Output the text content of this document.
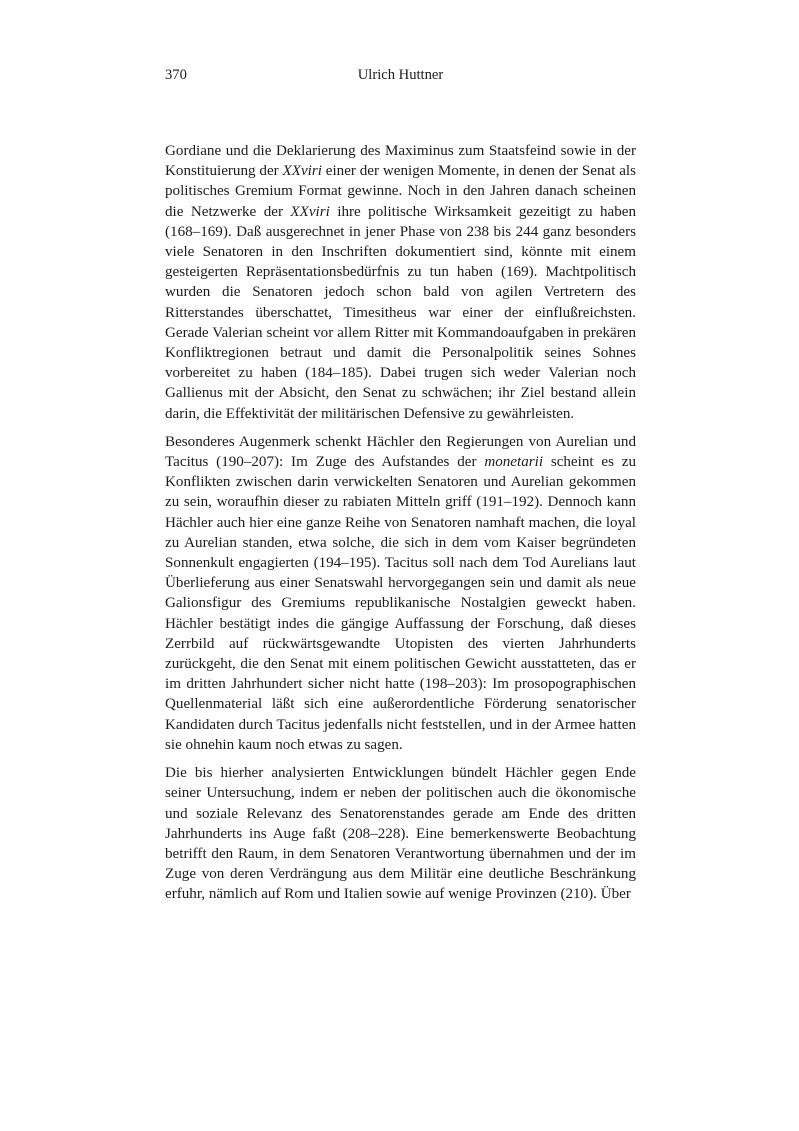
370	Ulrich Huttner

Gordiane und die Deklarierung des Maximinus zum Staatsfeind sowie in der Konstituierung der XXviri einer der wenigen Momente, in denen der Senat als politisches Gremium Format gewinne. Noch in den Jahren danach scheinen die Netzwerke der XXviri ihre politische Wirksamkeit gezeitigt zu haben (168–169). Daß ausgerechnet in jener Phase von 238 bis 244 ganz besonders viele Senatoren in den Inschriften dokumentiert sind, könnte mit einem gesteigerten Repräsentationsbedürfnis zu tun haben (169). Machtpolitisch wurden die Senatoren jedoch schon bald von agilen Vertretern des Ritterstandes überschattet, Timesitheus war einer der einflußreichsten. Gerade Valerian scheint vor allem Ritter mit Kommandoaufgaben in prekären Konfliktregionen betraut und damit die Personalpolitik seines Sohnes vorbereitet zu haben (184–185). Dabei trugen sich weder Valerian noch Gallienus mit der Absicht, den Senat zu schwächen; ihr Ziel bestand allein darin, die Effektivität der militärischen Defensive zu gewährleisten.

Besonderes Augenmerk schenkt Hächler den Regierungen von Aurelian und Tacitus (190–207): Im Zuge des Aufstandes der monetarii scheint es zu Konflikten zwischen darin verwickelten Senatoren und Aurelian gekommen zu sein, woraufhin dieser zu rabiaten Mitteln griff (191–192). Dennoch kann Hächler auch hier eine ganze Reihe von Senatoren namhaft machen, die loyal zu Aurelian standen, etwa solche, die sich in dem vom Kaiser begründeten Sonnenkult engagierten (194–195). Tacitus soll nach dem Tod Aurelians laut Überlieferung aus einer Senatswahl hervorgegangen sein und damit als neue Galionsfigur des Gremiums republikanische Nostalgien geweckt haben. Hächler bestätigt indes die gängige Auffassung der Forschung, daß dieses Zerrbild auf rückwärtsgewandte Utopisten des vierten Jahrhunderts zurückgeht, die den Senat mit einem politischen Gewicht ausstatteten, das er im dritten Jahrhundert sicher nicht hatte (198–203): Im prosopographischen Quellenmaterial läßt sich eine außerordentliche Förderung senatorischer Kandidaten durch Tacitus jedenfalls nicht feststellen, und in der Armee hatten sie ohnehin kaum noch etwas zu sagen.

Die bis hierher analysierten Entwicklungen bündelt Hächler gegen Ende seiner Untersuchung, indem er neben der politischen auch die ökonomische und soziale Relevanz des Senatorenstandes gerade am Ende des dritten Jahrhunderts ins Auge faßt (208–228). Eine bemerkenswerte Beobachtung betrifft den Raum, in dem Senatoren Verantwortung übernahmen und der im Zuge von deren Verdrängung aus dem Militär eine deutliche Beschränkung erfuhr, nämlich auf Rom und Italien sowie auf wenige Provinzen (210). Über
